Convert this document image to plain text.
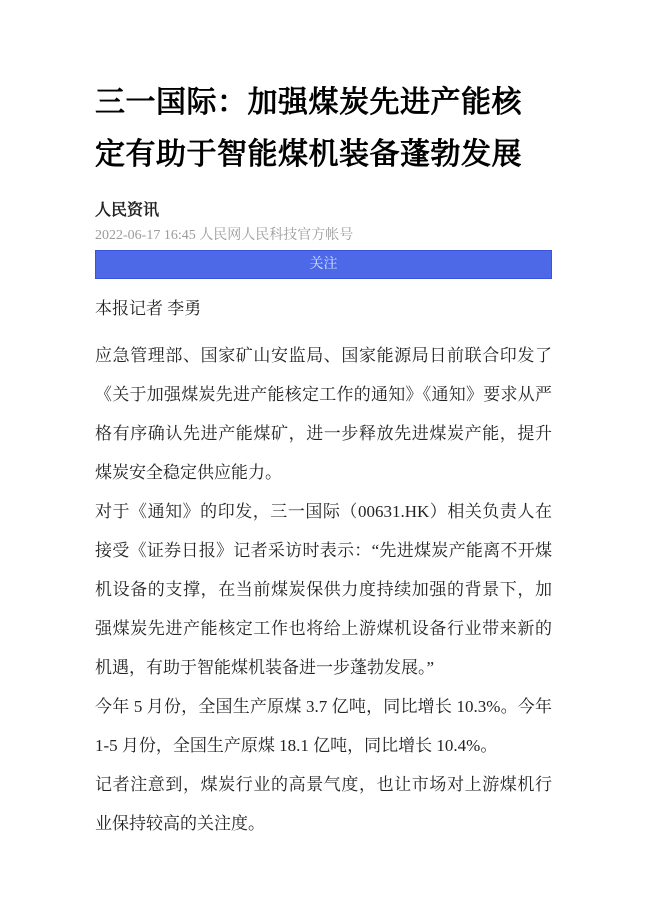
三一国际：加强煤炭先进产能核定有助于智能煤机装备蓬勃发展
人民资讯
2022-06-17 16:45 人民网人民科技官方帐号
关注

本报记者 李勇

应急管理部、国家矿山安监局、国家能源局日前联合印发了《关于加强煤炭先进产能核定工作的通知》《通知》要求从严格有序确认先进产能煤矿，进一步释放先进煤炭产能，提升煤炭安全稳定供应能力。

对于《通知》的印发，三一国际（00631.HK）相关负责人在接受《证券日报》记者采访时表示：“先进煤炭产能离不开煤机设备的支撑，在当前煤炭保供力度持续加强的背景下，加强煤炭先进产能核定工作也将给上游煤机设备行业带来新的机遇，有助于智能煤机装备进一步蓬勃发展。”

今年 5 月份，全国生产原煤 3.7 亿吨，同比增长 10.3%。今年 1-5 月份，全国生产原煤 18.1 亿吨，同比增长 10.4%。

记者注意到，煤炭行业的高景气度，也让市场对上游煤机行业保持较高的关注度。
